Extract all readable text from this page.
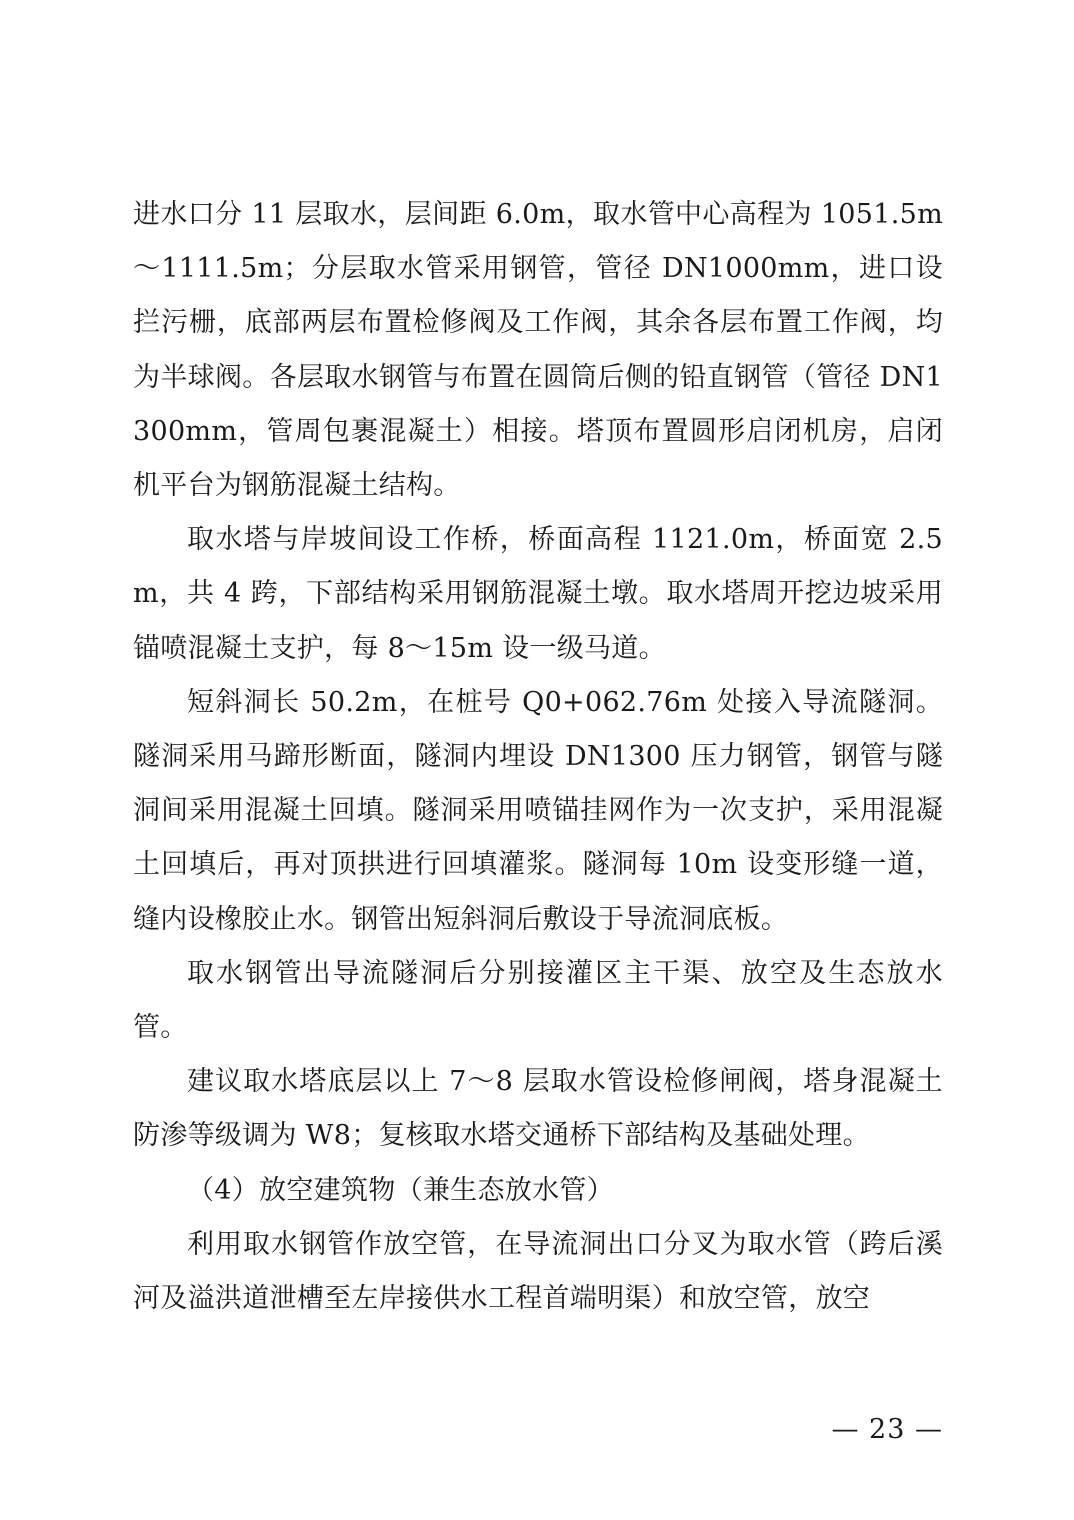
进水口分 11 层取水，层间距 6.0m，取水管中心高程为 1051.5m～1111.5m；分层取水管采用钢管，管径 DN1000mm，进口设拦污栅，底部两层布置检修阀及工作阀，其余各层布置工作阀，均为半球阀。各层取水钢管与布置在圆筒后侧的铅直钢管（管径 DN1300mm，管周包裹混凝土）相接。塔顶布置圆形启闭机房，启闭机平台为钢筋混凝土结构。

取水塔与岸坡间设工作桥，桥面高程 1121.0m，桥面宽 2.5m，共 4 跨，下部结构采用钢筋混凝土墩。取水塔周开挖边坡采用锚喷混凝土支护，每 8～15m 设一级马道。

短斜洞长 50.2m，在桩号 Q0+062.76m 处接入导流隧洞。隧洞采用马蹄形断面，隧洞内埋设 DN1300 压力钢管，钢管与隧洞间采用混凝土回填。隧洞采用喷锚挂网作为一次支护，采用混凝土回填后，再对顶拱进行回填灌浆。隧洞每 10m 设变形缝一道，缝内设橡胶止水。钢管出短斜洞后敷设于导流洞底板。

取水钢管出导流隧洞后分别接灌区主干渠、放空及生态放水管。

建议取水塔底层以上 7～8 层取水管设检修闸阀，塔身混凝土防渗等级调为 W8；复核取水塔交通桥下部结构及基础处理。

（4）放空建筑物（兼生态放水管）

利用取水钢管作放空管，在导流洞出口分叉为取水管（跨后溪河及溢洪道泄槽至左岸接供水工程首端明渠）和放空管，放空

— 23 —
